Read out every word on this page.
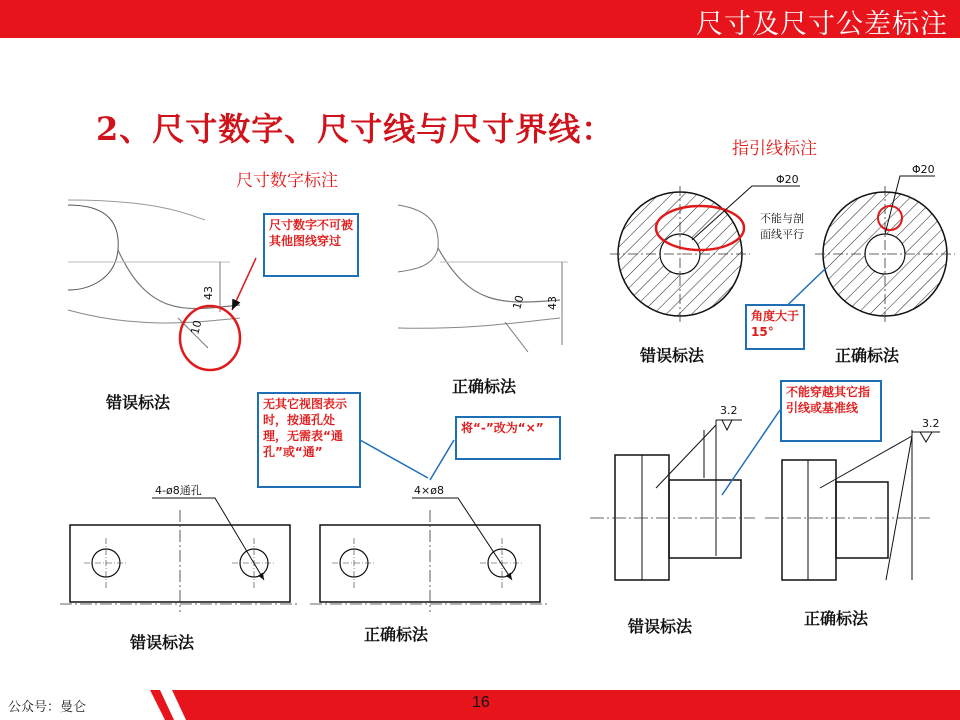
尺寸及尺寸公差标注
2、尺寸数字、尺寸线与尺寸界线：
尺寸数字标注
指引线标注
43
10
43
10
Φ20
不能与剖
面线平行
Φ20
4-ø8通孔	4×ø8
3.2
3.2
尺寸数字不可被其他图线穿过
无其它视图表示时，按通孔处理，无需表“通孔”或“通”
将“-”改为“×”
角度大于15°
不能穿越其它指引线或基准线
错误标法
正确标法
错误标法	正确标法
错误标法	正确标法	错误标法	正确标法
公众号：曼仑	16
